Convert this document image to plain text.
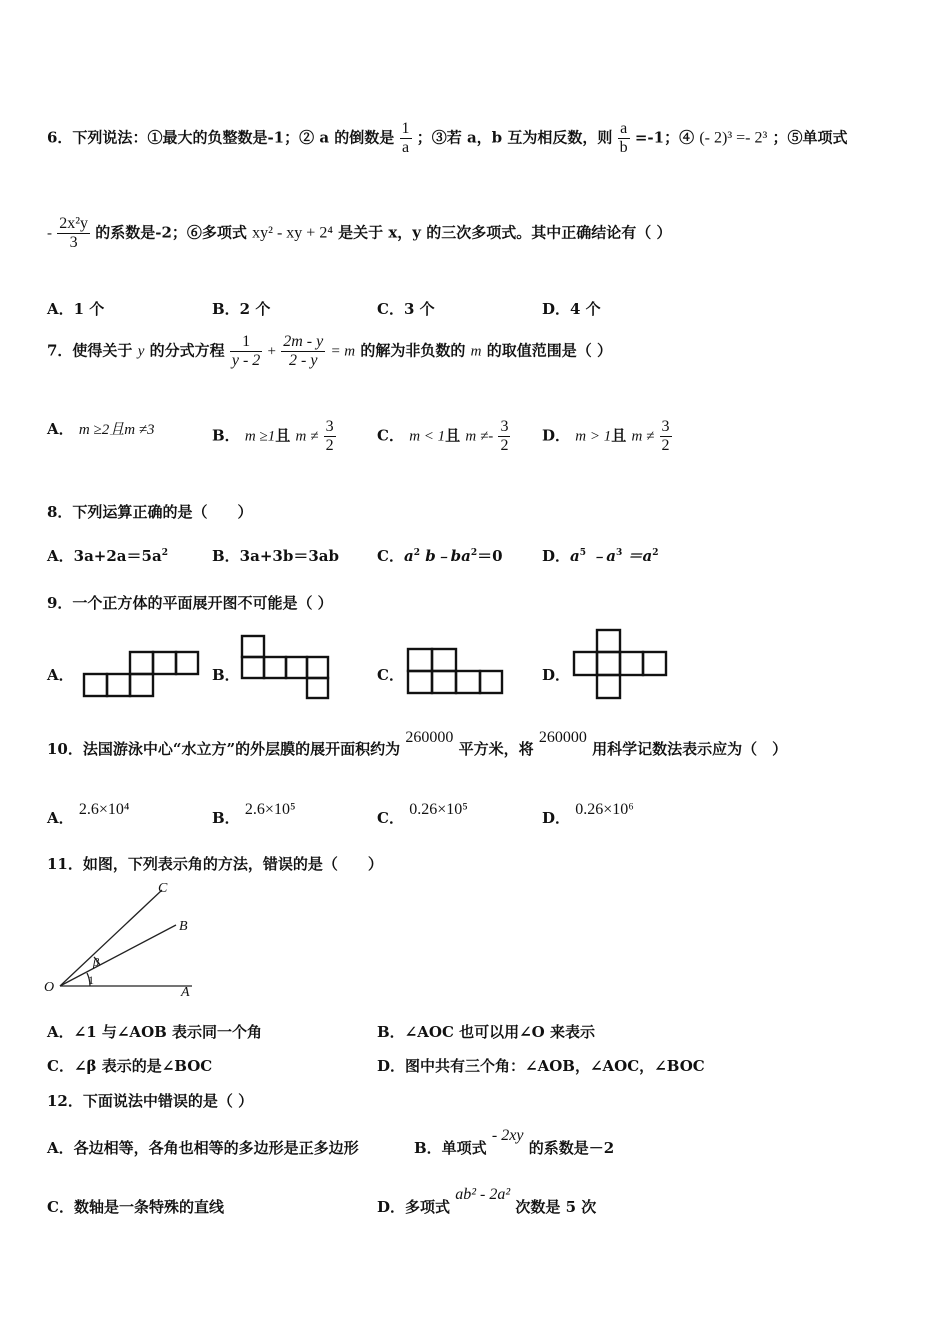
6．下列说法：①最大的负整数是-1；② a 的倒数是 $\frac{1}{a}$ ；③若 a，b 互为相反数，则 $\frac{a}{b} =-1$；④ (- 2)³ =- 2³ ；⑤单项式
- $\frac{\text{2x²y}}{3}$ 的系数是-2；⑥多项式 xy² - xy + 2⁴ 是关于 x，y 的三次多项式。其中正确结论有（ ）
A．1 个	B．2 个	C．3 个	D．4 个
7．使得关于 y 的分式方程 $\frac{1}{y - 2} + \frac{2m - y}{2 - y} = m$ 的解为非负数的 m 的取值范围是（ ）
A． m ≥2且m ≠3	B． m ≥1且 $m \ne \frac{3}{2}$	C． m < 1且 $m \ne- \frac{3}{2}$ D． m > 1且 $m \ne \frac{3}{2}$
8．下列运算正确的是（　　）
A．$3a+2a=5a^2$	B．3a+3b＝3ab	C．$a^2$ $b﹣ba^2=0$	D．$a^5$ $﹣a^3 =a^2$
9．一个正方体的平面展开图不可能是（ ）
A．	B．	C．	D．
10．法国游泳中心“水立方”的外层膜的展开面积约为 260000 平方米，将 260000 用科学记数法表示应为（　）
A． 2.6×10⁴	B． 2.6×10⁵	C． 0.26×10⁵	D． 0.26×10⁶
11．如图，下列表示角的方法，错误的是（　　）
C
B
O	A
β
1
A．∠1 与∠AOB 表示同一个角	B．∠AOC 也可以用∠O 来表示
C．∠β 表示的是∠BOC	D．图中共有三个角：∠AOB，∠AOC，∠BOC
12．下面说法中错误的是（ ）
A．各边相等，各角也相等的多边形是正多边形	B．单项式 - 2xy 的系数是－2
C．数轴是一条特殊的直线	D．多项式 ab² - 2a² 次数是 5 次
